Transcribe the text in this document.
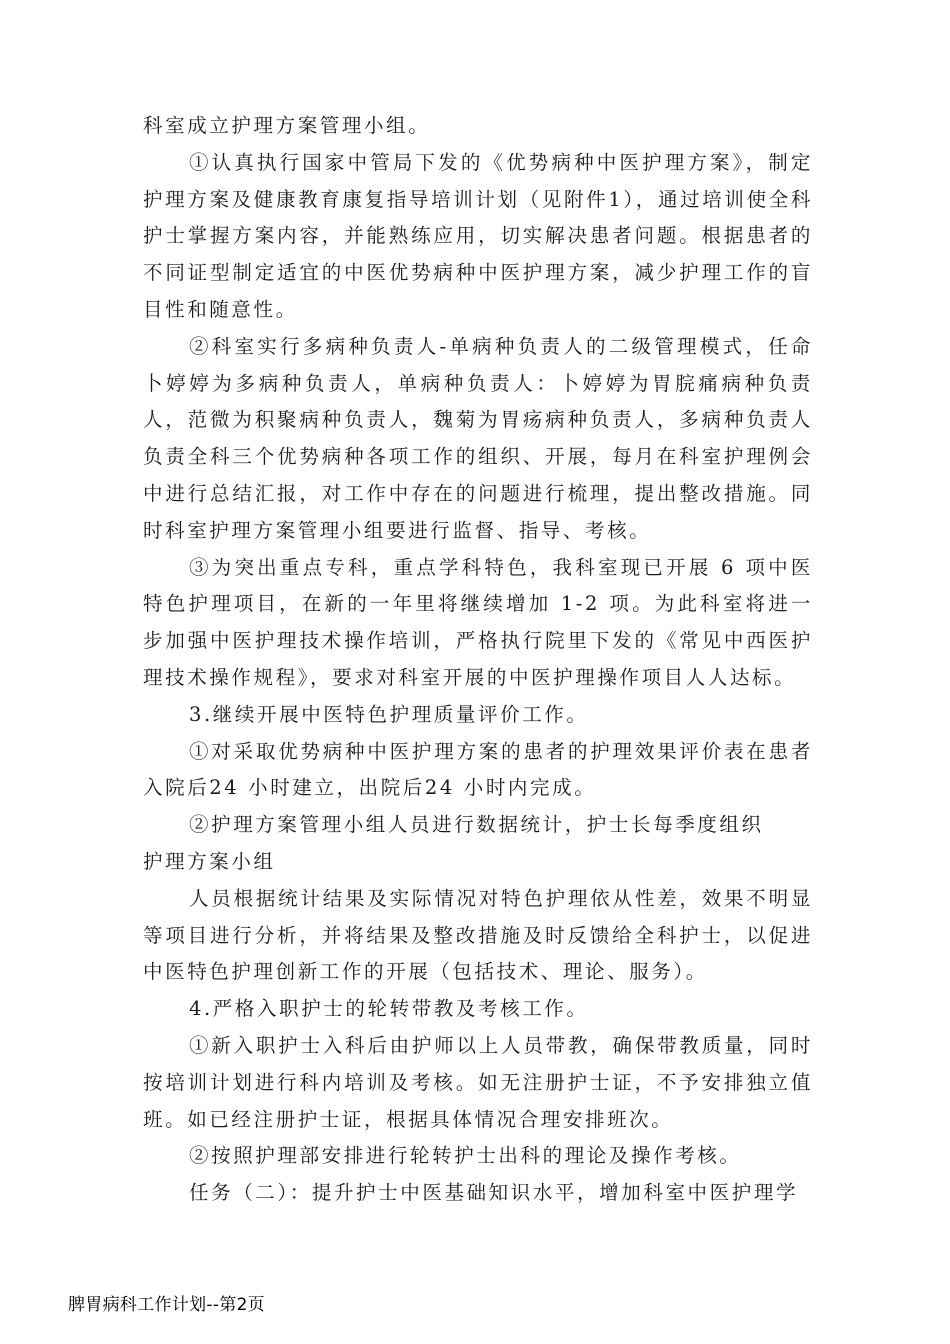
科室成立护理方案管理小组。

①认真执行国家中管局下发的《优势病种中医护理方案》，制定护理方案及健康教育康复指导培训计划（见附件1），通过培训使全科护士掌握方案内容，并能熟练应用，切实解决患者问题。根据患者的不同证型制定适宜的中医优势病种中医护理方案，减少护理工作的盲目性和随意性。

②科室实行多病种负责人-单病种负责人的二级管理模式，任命卜婷婷为多病种负责人，单病种负责人：卜婷婷为胃脘痛病种负责人，范微为积聚病种负责人，魏菊为胃疡病种负责人，多病种负责人负责全科三个优势病种各项工作的组织、开展，每月在科室护理例会中进行总结汇报，对工作中存在的问题进行梳理，提出整改措施。同时科室护理方案管理小组要进行监督、指导、考核。

③为突出重点专科，重点学科特色，我科室现已开展 6 项中医特色护理项目，在新的一年里将继续增加 1-2 项。为此科室将进一步加强中医护理技术操作培训，严格执行院里下发的《常见中西医护理技术操作规程》，要求对科室开展的中医护理操作项目人人达标。

3.继续开展中医特色护理质量评价工作。

①对采取优势病种中医护理方案的患者的护理效果评价表在患者入院后24 小时建立，出院后24 小时内完成。

②护理方案管理小组人员进行数据统计，护士长每季度组织

护理方案小组

人员根据统计结果及实际情况对特色护理依从性差，效果不明显等项目进行分析，并将结果及整改措施及时反馈给全科护士，以促进中医特色护理创新工作的开展（包括技术、理论、服务）。

4.严格入职护士的轮转带教及考核工作。

①新入职护士入科后由护师以上人员带教，确保带教质量，同时按培训计划进行科内培训及考核。如无注册护士证，不予安排独立值班。如已经注册护士证，根据具体情况合理安排班次。

②按照护理部安排进行轮转护士出科的理论及操作考核。

任务（二）：提升护士中医基础知识水平，增加科室中医护理学

脾胃病科工作计划--第2页
